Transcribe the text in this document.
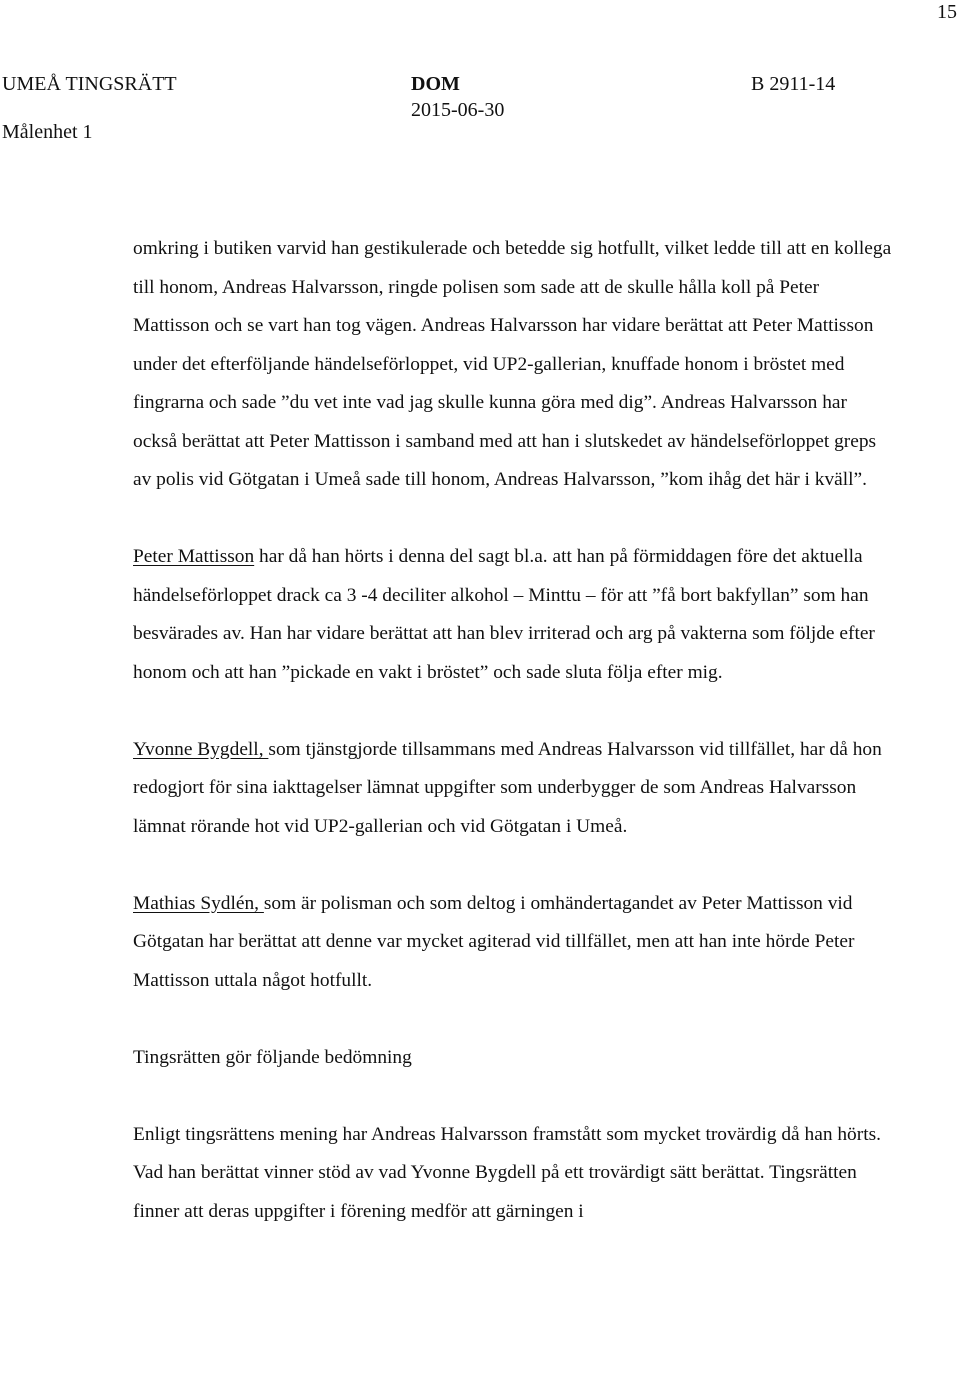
15
UMEÅ TINGSRÄTT
Målenhet 1
DOM
2015-06-30
B 2911-14

omkring i butiken varvid han gestikulerade och betedde sig hotfullt, vilket ledde till att en kollega till honom, Andreas Halvarsson, ringde polisen som sade att de skulle hålla koll på Peter Mattisson och se vart han tog vägen. Andreas Halvarsson har vidare berättat att Peter Mattisson under det efterföljande händelseförloppet, vid UP2-gallerian, knuffade honom i bröstet med fingrarna och sade ”du vet inte vad jag skulle kunna göra med dig”. Andreas Halvarsson har också berättat att Peter Mattisson i samband med att han i slutskedet av händelseförloppet greps av polis vid Götgatan i Umeå sade till honom, Andreas Halvarsson, ”kom ihåg det här i kväll”.

Peter Mattisson har då han hörts i denna del sagt bl.a. att han på förmiddagen före det aktuella händelseförloppet drack ca 3 -4 deciliter alkohol – Minttu – för att ”få bort bakfyllan” som han besvärades av. Han har vidare berättat att han blev irriterad och arg på vakterna som följde efter honom och att han ”pickade en vakt i bröstet” och sade sluta följa efter mig.

Yvonne Bygdell, som tjänstgjorde tillsammans med Andreas Halvarsson vid tillfället, har då hon redogjort för sina iakttagelser lämnat uppgifter som underbygger de som Andreas Halvarsson lämnat rörande hot vid UP2-gallerian och vid Götgatan i Umeå.

Mathias Sydlén, som är polisman och som deltog i omhändertagandet av Peter Mattisson vid Götgatan har berättat att denne var mycket agiterad vid tillfället, men att han inte hörde Peter Mattisson uttala något hotfullt.

Tingsrätten gör följande bedömning

Enligt tingsrättens mening har Andreas Halvarsson framstått som mycket trovärdig då han hörts. Vad han berättat vinner stöd av vad Yvonne Bygdell på ett trovärdigt sätt berättat. Tingsrätten finner att deras uppgifter i förening medför att gärningen i
